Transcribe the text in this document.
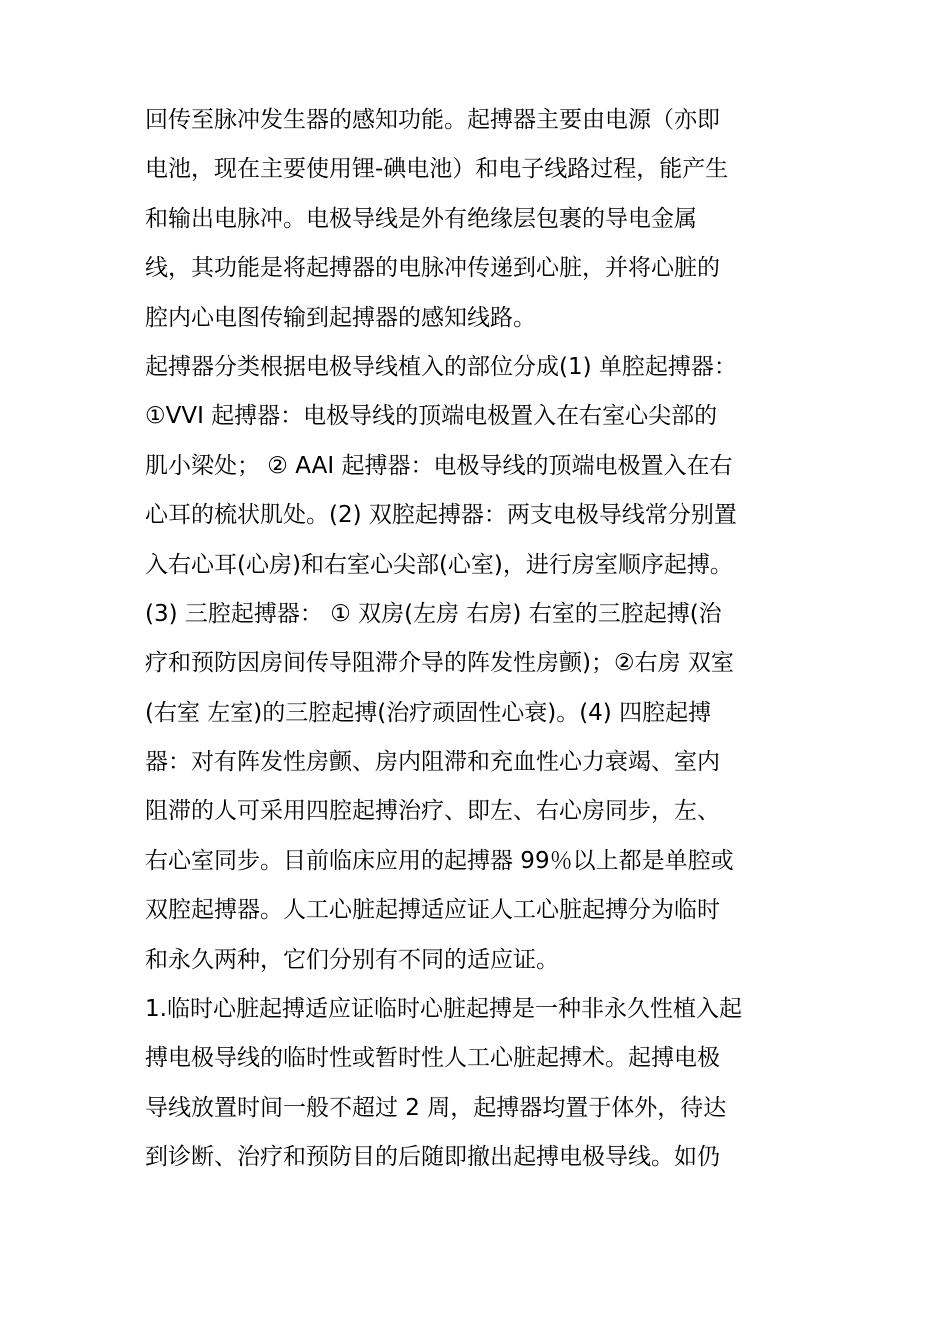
回传至脉冲发生器的感知功能。起搏器主要由电源（亦即
电池，现在主要使用锂-碘电池）和电子线路过程，能产生
和输出电脉冲。电极导线是外有绝缘层包裹的导电金属
线，其功能是将起搏器的电脉冲传递到心脏，并将心脏的
腔内心电图传输到起搏器的感知线路。
起搏器分类根据电极导线植入的部位分成(1) 单腔起搏器：
①VVI 起搏器：电极导线的顶端电极置入在右室心尖部的
肌小梁处； ② AAI 起搏器：电极导线的顶端电极置入在右
心耳的梳状肌处。(2) 双腔起搏器：两支电极导线常分别置
入右心耳(心房)和右室心尖部(心室)，进行房室顺序起搏。
(3) 三腔起搏器： ① 双房(左房 右房) 右室的三腔起搏(治
疗和预防因房间传导阻滞介导的阵发性房颤)；②右房 双室
(右室 左室)的三腔起搏(治疗顽固性心衰)。(4) 四腔起搏
器：对有阵发性房颤、房内阻滞和充血性心力衰竭、室内
阻滞的人可采用四腔起搏治疗、即左、右心房同步，左、
右心室同步。目前临床应用的起搏器 99％以上都是单腔或
双腔起搏器。人工心脏起搏适应证人工心脏起搏分为临时
和永久两种，它们分别有不同的适应证。
1.临时心脏起搏适应证临时心脏起搏是一种非永久性植入起
搏电极导线的临时性或暂时性人工心脏起搏术。起搏电极
导线放置时间一般不超过 2 周，起搏器均置于体外，待达
到诊断、治疗和预防目的后随即撤出起搏电极导线。如仍
